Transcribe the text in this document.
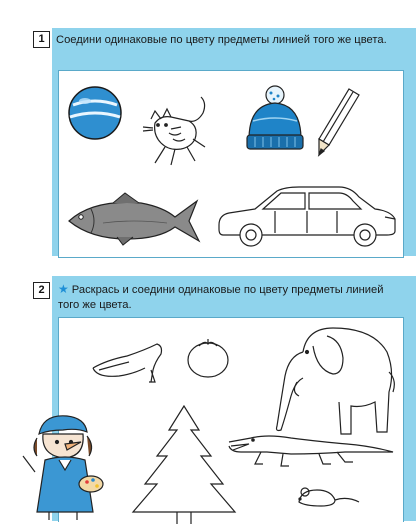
1	Соедини одинаковые по цвету предметы линией того же цвета.
2	★ Раскрась и соедини одинаковые по цвету предметы линией того же цвета.
